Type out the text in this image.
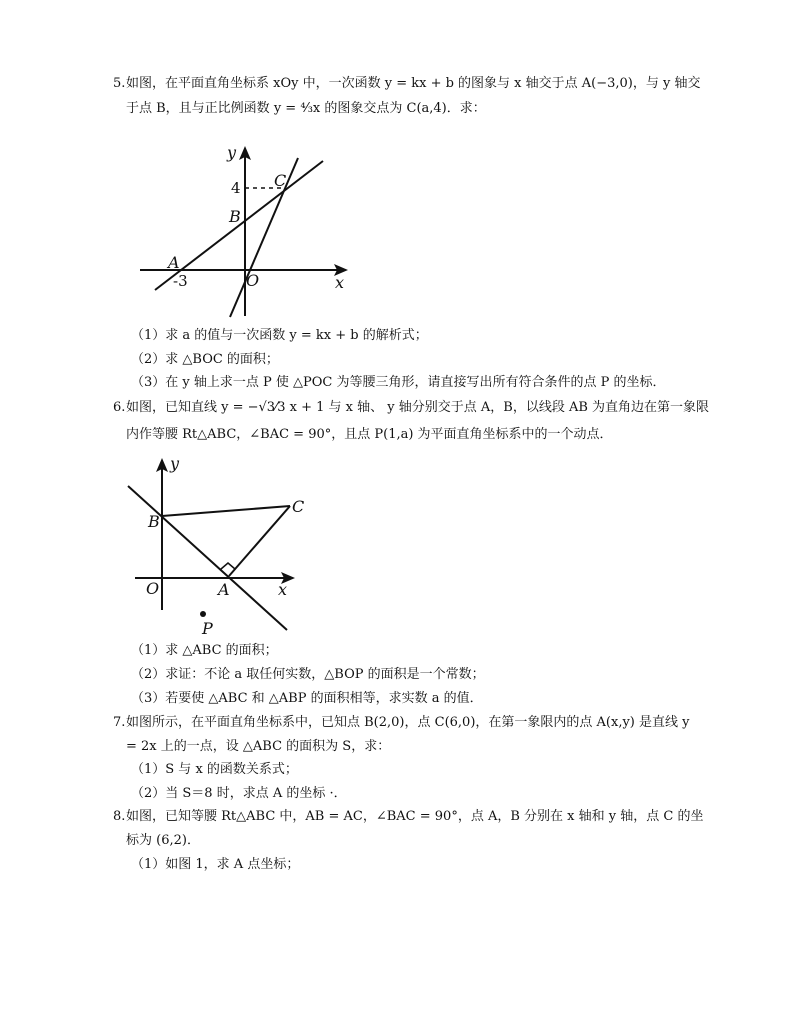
5. 如图，在平面直角坐标系 xOy 中，一次函数 y = kx + b 的图象与 x 轴交于点 A(−3,0)，与 y 轴交
于点 B，且与正比例函数 y = ⁴⁄₃x 的图象交点为 C(a,4)．求：
y
x
C
B
A
O
4
-3
（1）求 a 的值与一次函数 y = kx + b 的解析式；
（2）求 △BOC 的面积；
（3）在 y 轴上求一点 P 使 △POC 为等腰三角形，请直接写出所有符合条件的点 P 的坐标．
6. 如图，已知直线 y = −√3⁄3 x + 1 与 x 轴、 y 轴分别交于点 A，B，以线段 AB 为直角边在第一象限
内作等腰 Rt△ABC，∠BAC = 90°，且点 P(1,a) 为平面直角坐标系中的一个动点．
y
B
C
O	A	x
P
（1）求 △ABC 的面积；
（2）求证：不论 a 取任何实数，△BOP 的面积是一个常数；
（3）若要使 △ABC 和 △ABP 的面积相等，求实数 a 的值．
7. 如图所示，在平面直角坐标系中，已知点 B(2,0)，点 C(6,0)，在第一象限内的点 A(x,y) 是直线 y
= 2x 上的一点，设 △ABC 的面积为 S，求：
（1）S 与 x 的函数关系式；
（2）当 S＝8 时，求点 A 的坐标 ·．
8. 如图，已知等腰 Rt△ABC 中，AB = AC，∠BAC = 90°，点 A，B 分别在 x 轴和 y 轴，点 C 的坐
标为 (6,2)．
（1）如图 1，求 A 点坐标；
